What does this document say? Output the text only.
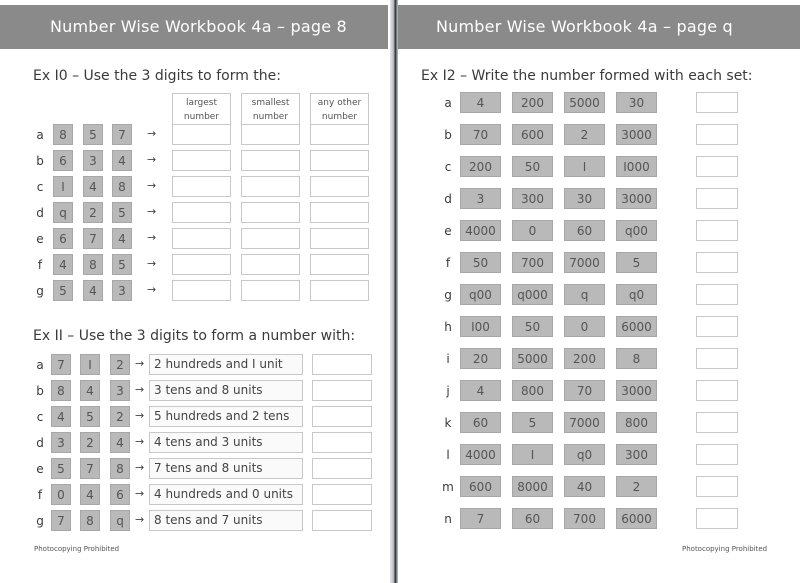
Number Wise Workbook 4a – page 8
Ex I0 – Use the 3 digits to form the:
largest
number
smallest
number
any other
number
a	8	5	7	→
b	6	3	4	→
c	I	4	8	→
d	q	2	5	→
e	6	7	4	→
f	4	8	5	→
g	5	4	3	→
Ex II – Use the 3 digits to form a number with:
a	7	I	2	→ 2 hundreds and I unit
b	8	4	3	→ 3 tens and 8 units
c	4	5	2	→ 5 hundreds and 2 tens
d	3	2	4	→ 4 tens and 3 units
e	5	7	8	→ 7 tens and 8 units
f	0	4	6	→ 4 hundreds and 0 units
g	7	8	q	→ 8 tens and 7 units
Photocopying Prohibited
Number Wise Workbook 4a – page q
Ex I2 – Write the number formed with each set:
a	4	200	5000	30
b	70	600	2	3000
c	200	50	I	I000
d	3	300	30	3000
e	4000	0	60	q00
f	50	700	7000	5
g	q00	q000	q	q0
h	I00	50	0	6000
i	20	5000	200	8
j	4	800	70	3000
k	60	5	7000	800
l	4000	I	q0	300
m	600	8000	40	2
n	7	60	700	6000
Photocopying Prohibited
